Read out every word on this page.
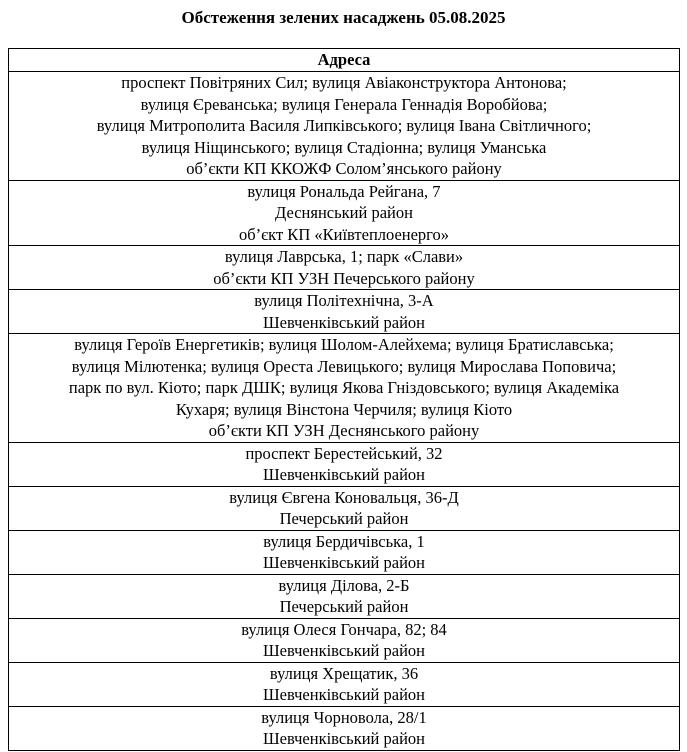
Обстеження зелених насаджень 05.08.2025
Адреса

проспект Повітряних Сил; вулиця Авіаконструктора Антонова;
вулиця Єреванська; вулиця Генерала Геннадія Воробйова;
вулиця Митрополита Василя Липківського; вулиця Івана Світличного;
вулиця Ніщинського; вулиця Стадіонна; вулиця Уманська
об’єкти КП ККОЖФ Солом’янського району

вулиця Рональда Рейгана, 7
Деснянський район
об’єкт КП «Київтеплоенерго»

вулиця Лаврська, 1; парк «Слави»
об’єкти КП УЗН Печерського району

вулиця Політехнічна, 3-А
Шевченківський район

вулиця Героїв Енергетиків; вулиця Шолом-Алейхема; вулиця Братиславська;
вулиця Мілютенка; вулиця Ореста Левицького; вулиця Мирослава Поповича;
парк по вул. Кіото; парк ДШК; вулиця Якова Гніздовського; вулиця Академіка
Кухаря; вулиця Вінстона Черчиля; вулиця Кіото
об’єкти КП УЗН Деснянського району

проспект Берестейський, 32
Шевченківський район

вулиця Євгена Коновальця, 36-Д
Печерський район

вулиця Бердичівська, 1
Шевченківський район

вулиця Ділова, 2-Б
Печерський район

вулиця Олеся Гончара, 82; 84
Шевченківський район

вулиця Хрещатик, 36
Шевченківський район

вулиця Чорновола, 28/1
Шевченківський район
